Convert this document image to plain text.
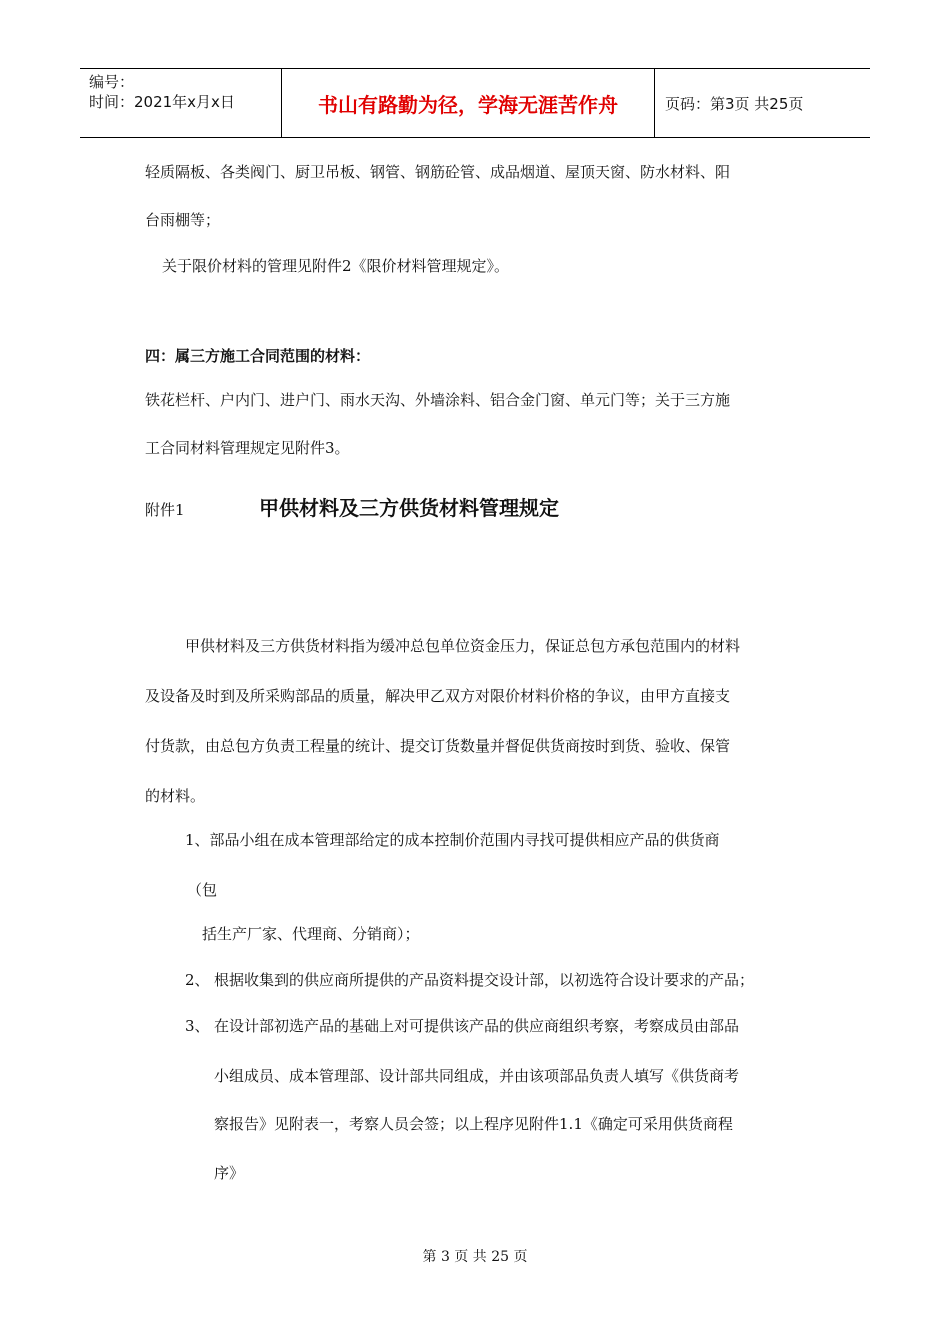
编号：
时间：2021年x月x日	书山有路勤为径，学海无涯苦作舟	页码：第3页 共25页
轻质隔板、各类阀门、厨卫吊板、钢管、钢筋砼管、成品烟道、屋顶天窗、防水材料、阳
台雨棚等；
关于限价材料的管理见附件2《限价材料管理规定》。
四：属三方施工合同范围的材料：
铁花栏杆、户内门、进户门、雨水天沟、外墙涂料、铝合金门窗、单元门等；关于三方施
工合同材料管理规定见附件3。
附件1	甲供材料及三方供货材料管理规定
甲供材料及三方供货材料指为缓冲总包单位资金压力，保证总包方承包范围内的材料
及设备及时到及所采购部品的质量，解决甲乙双方对限价材料价格的争议，由甲方直接支
付货款，由总包方负责工程量的统计、提交订货数量并督促供货商按时到货、验收、保管
的材料。
1、部品小组在成本管理部给定的成本控制价范围内寻找可提供相应产品的供货商
（包
括生产厂家、代理商、分销商）；
2、 根据收集到的供应商所提供的产品资料提交设计部，以初选符合设计要求的产品；
3、 在设计部初选产品的基础上对可提供该产品的供应商组织考察，考察成员由部品
小组成员、成本管理部、设计部共同组成，并由该项部品负责人填写《供货商考
察报告》见附表一，考察人员会签；以上程序见附件1.1《确定可采用供货商程
序》
第 3 页 共 25 页
